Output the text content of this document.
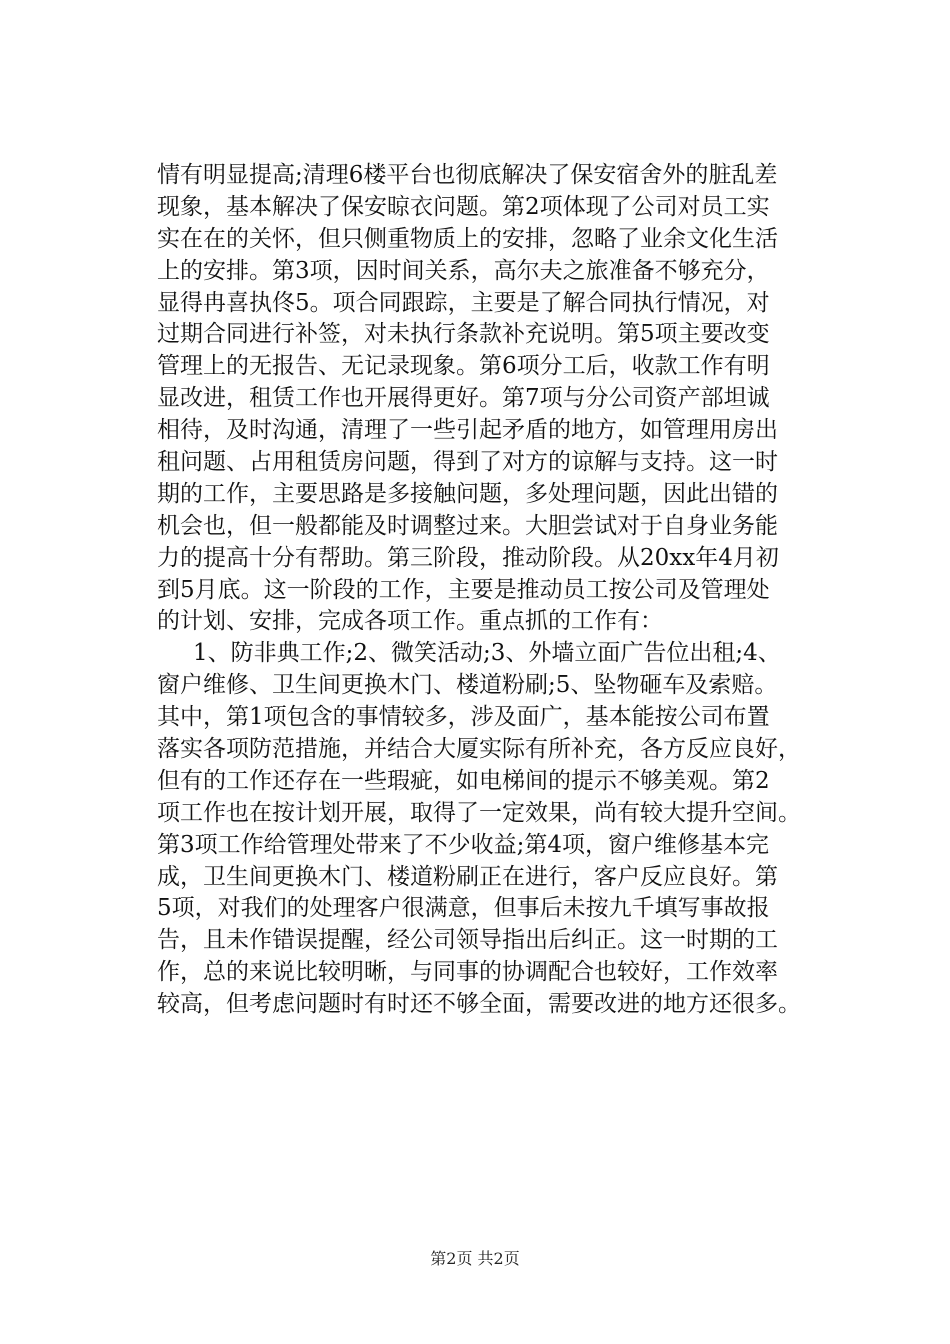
情有明显提高;清理6楼平台也彻底解决了保安宿舍外的脏乱差
现象，基本解决了保安晾衣问题。第2项体现了公司对员工实
实在在的关怀，但只侧重物质上的安排，忽略了业余文化生活
上的安排。第3项，因时间关系，高尔夫之旅准备不够充分，
显得冉喜执佟5。项合同跟踪，主要是了解合同执行情况，对
过期合同进行补签，对未执行条款补充说明。第5项主要改变
管理上的无报告、无记录现象。第6项分工后，收款工作有明
显改进，租赁工作也开展得更好。第7项与分公司资产部坦诚
相待，及时沟通，清理了一些引起矛盾的地方，如管理用房出
租问题、占用租赁房问题，得到了对方的谅解与支持。这一时
期的工作，主要思路是多接触问题，多处理问题，因此出错的
机会也，但一般都能及时调整过来。大胆尝试对于自身业务能
力的提高十分有帮助。第三阶段，推动阶段。从20xx年4月初
到5月底。这一阶段的工作，主要是推动员工按公司及管理处
的计划、安排，完成各项工作。重点抓的工作有：
1、防非典工作;2、微笑活动;3、外墙立面广告位出租;4、
窗户维修、卫生间更换木门、楼道粉刷;5、坠物砸车及索赔。
其中，第1项包含的事情较多，涉及面广，基本能按公司布置
落实各项防范措施，并结合大厦实际有所补充，各方反应良好，
但有的工作还存在一些瑕疵，如电梯间的提示不够美观。第2
项工作也在按计划开展，取得了一定效果，尚有较大提升空间。
第3项工作给管理处带来了不少收益;第4项，窗户维修基本完
成，卫生间更换木门、楼道粉刷正在进行，客户反应良好。第
5项，对我们的处理客户很满意，但事后未按九千填写事故报
告，且未作错误提醒，经公司领导指出后纠正。这一时期的工
作，总的来说比较明晰，与同事的协调配合也较好，工作效率
较高，但考虑问题时有时还不够全面，需要改进的地方还很多。
第2页 共2页
